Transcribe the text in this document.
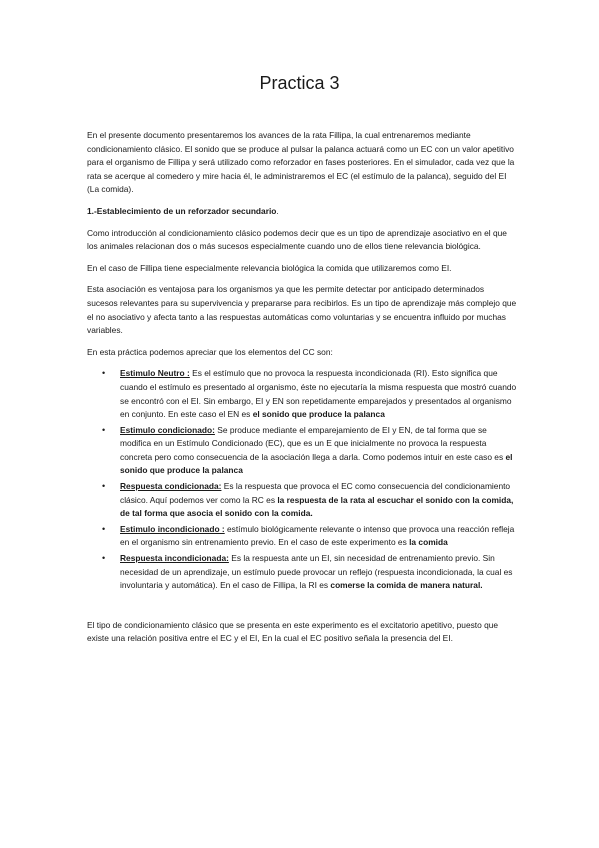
Practica 3

En el presente documento presentaremos los avances de la rata Fillipa, la cual entrenaremos mediante condicionamiento clásico. El sonido que se produce al pulsar la palanca actuará como un EC con un valor apetitivo para el organismo de Fillipa y será utilizado como reforzador en fases posteriores. En el simulador, cada vez que la rata se acerque al comedero y mire hacia él, le administraremos el EC (el estímulo de la palanca), seguido del EI (La comida).

1.-Establecimiento de un reforzador secundario.

Como introducción al condicionamiento clásico podemos decir que es un tipo de aprendizaje asociativo en el que los animales relacionan dos o más sucesos especialmente cuando uno de ellos tiene relevancia biológica.

En el caso de Fillipa tiene especialmente relevancia biológica la comida que utilizaremos como EI.

Esta asociación es ventajosa para los organismos ya que les permite detectar por anticipado determinados sucesos relevantes para su supervivencia y prepararse para recibirlos. Es un tipo de aprendizaje más complejo que el no asociativo y afecta tanto a las respuestas automáticas como voluntarias y se encuentra influido por muchas variables.

En esta práctica podemos apreciar que los elementos del CC son:

• Estimulo Neutro : Es el estímulo que no provoca la respuesta incondicionada (RI). Esto significa que cuando el estímulo es presentado al organismo, éste no ejecutaría la misma respuesta que mostró cuando se encontró con el EI. Sin embargo, EI y EN son repetidamente emparejados y presentados al organismo en conjunto. En este caso el EN es el sonido que produce la palanca
• Estimulo condicionado: Se produce mediante el emparejamiento de EI y EN, de tal forma que se modifica en un Estímulo Condicionado (EC), que es un E que inicialmente no provoca la respuesta concreta pero como consecuencia de la asociación llega a darla. Como podemos intuir en este caso es el sonido que produce la palanca
• Respuesta condicionada: Es la respuesta que provoca el EC como consecuencia del condicionamiento clásico. Aquí podemos ver como la RC es la respuesta de la rata al escuchar el sonido con la comida, de tal forma que asocia el sonido con la comida.
• Estimulo incondicionado : estímulo biológicamente relevante o intenso que provoca una reacción refleja en el organismo sin entrenamiento previo. En el caso de este experimento es la comida
• Respuesta incondicionada: Es la respuesta ante un EI, sin necesidad de entrenamiento previo. Sin necesidad de un aprendizaje, un estímulo puede provocar un reflejo (respuesta incondicionada, la cual es involuntaria y automática). En el caso de Fillipa, la RI es comerse la comida de manera natural.

El tipo de condicionamiento clásico que se presenta en este experimento es el excitatorio apetitivo, puesto que existe una relación positiva entre el EC y el EI, En la cual el EC positivo señala la presencia del EI.
